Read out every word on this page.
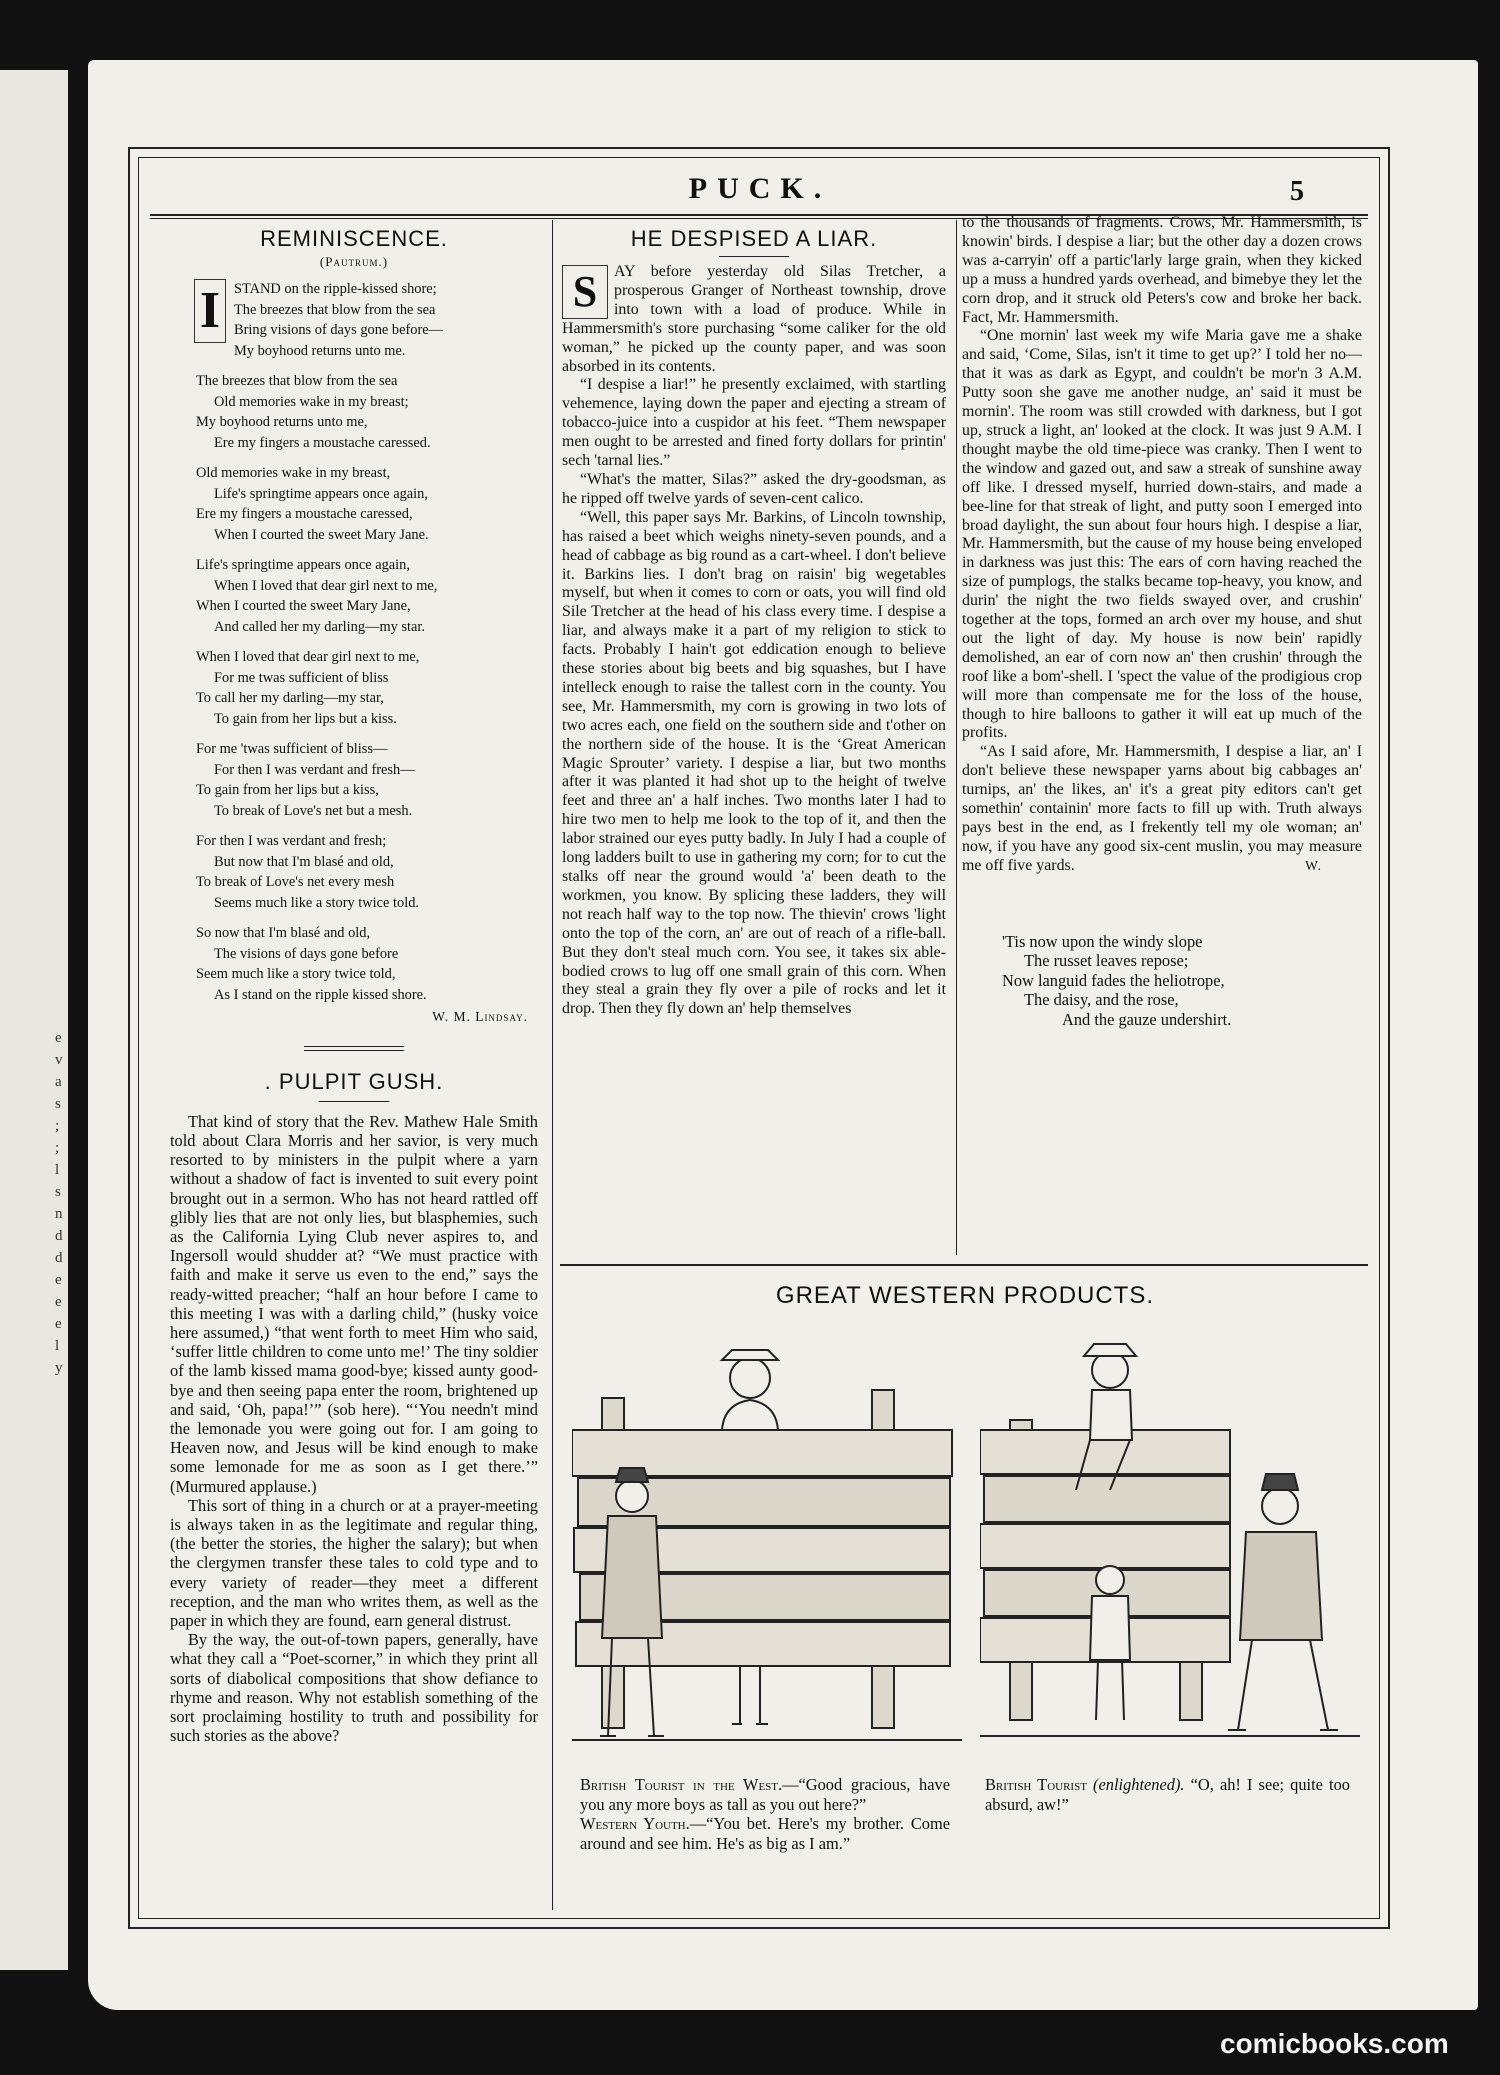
e
v
a
s
;
;
l
s
n
d
d
e
e
e
l
y
PUCK.	5
REMINISCENCE.
(Pautrum.)
I STAND on the ripple-kissed shore;
The breezes that blow from the sea
Bring visions of days gone before—
My boyhood returns unto me.
The breezes that blow from the sea
Old memories wake in my breast;
My boyhood returns unto me,
Ere my fingers a moustache caressed.
Old memories wake in my breast,
Life's springtime appears once again,
Ere my fingers a moustache caressed,
When I courted the sweet Mary Jane.
Life's springtime appears once again,
When I loved that dear girl next to me,
When I courted the sweet Mary Jane,
And called her my darling—my star.
When I loved that dear girl next to me,
For me twas sufficient of bliss
To call her my darling—my star,
To gain from her lips but a kiss.
For me 'twas sufficient of bliss—
For then I was verdant and fresh—
To gain from her lips but a kiss,
To break of Love's net but a mesh.
For then I was verdant and fresh;
But now that I'm blasé and old,
To break of Love's net every mesh
Seems much like a story twice told.
So now that I'm blasé and old,
The visions of days gone before
Seem much like a story twice told,
As I stand on the ripple kissed shore.
W. M. Lindsay.
. PULPIT GUSH.

That kind of story that the Rev. Mathew Hale Smith told about Clara Morris and her savior, is very much resorted to by ministers in the pulpit where a yarn without a shadow of fact is invented to suit every point brought out in a sermon. Who has not heard rattled off glibly lies that are not only lies, but blasphemies, such as the California Lying Club never aspires to, and Ingersoll would shudder at? “We must practice with faith and make it serve us even to the end,” says the ready-witted preacher; “half an hour before I came to this meeting I was with a darling child,” (husky voice here assumed,) “that went forth to meet Him who said, ‘suffer little children to come unto me!’ The tiny soldier of the lamb kissed mama good-bye; kissed aunty good-bye and then seeing papa enter the room, brightened up and said, ‘Oh, papa!’” (sob here). “‘You needn't mind the lemonade you were going out for. I am going to Heaven now, and Jesus will be kind enough to make some lemonade for me as soon as I get there.’” (Murmured applause.)

This sort of thing in a church or at a prayer-meeting is always taken in as the legitimate and regular thing, (the better the stories, the higher the salary); but when the clergymen transfer these tales to cold type and to every variety of reader—they meet a different reception, and the man who writes them, as well as the paper in which they are found, earn general distrust.

By the way, the out-of-town papers, generally, have what they call a “Poet-scorner,” in which they print all sorts of diabolical compositions that show defiance to rhyme and reason. Why not establish something of the sort proclaiming hostility to truth and possibility for such stories as the above?

HE DESPISED A LIAR.

S	AY before yesterday old Silas Tretcher, a prosperous Granger of Northeast township, drove into town with a load of produce. While in Hammersmith's store purchasing “some caliker for the old woman,” he picked up the county paper, and was soon absorbed in its contents.

“I despise a liar!” he presently exclaimed, with startling vehemence, laying down the paper and ejecting a stream of tobacco-juice into a cuspidor at his feet. “Them newspaper men ought to be arrested and fined forty dollars for printin' sech 'tarnal lies.”

“What's the matter, Silas?” asked the dry-goodsman, as he ripped off twelve yards of seven-cent calico.

“Well, this paper says Mr. Barkins, of Lincoln township, has raised a beet which weighs ninety-seven pounds, and a head of cabbage as big round as a cart-wheel. I don't believe it. Barkins lies. I don't brag on raisin' big wegetables myself, but when it comes to corn or oats, you will find old Sile Tretcher at the head of his class every time. I despise a liar, and always make it a part of my religion to stick to facts. Probably I hain't got eddication enough to believe these stories about big beets and big squashes, but I have intelleck enough to raise the tallest corn in the county. You see, Mr. Hammersmith, my corn is growing in two lots of two acres each, one field on the southern side and t'other on the northern side of the house. It is the ‘Great American Magic Sprouter’ variety. I despise a liar, but two months after it was planted it had shot up to the height of twelve feet and three an' a half inches. Two months later I had to hire two men to help me look to the top of it, and then the labor strained our eyes putty badly. In July I had a couple of long ladders built to use in gathering my corn; for to cut the stalks off near the ground would 'a' been death to the workmen, you know. By splicing these ladders, they will not reach half way to the top now. The thievin' crows 'light onto the top of the corn, an' are out of reach of a rifle-ball. But they don't steal much corn. You see, it takes six able-bodied crows to lug off one small grain of this corn. When they steal a grain they fly over a pile of rocks and let it drop. Then they fly down an' help themselves

to the thousands of fragments. Crows, Mr. Hammersmith, is knowin' birds. I despise a liar; but the other day a dozen crows was a-carryin' off a partic'larly large grain, when they kicked up a muss a hundred yards overhead, and bimebye they let the corn drop, and it struck old Peters's cow and broke her back. Fact, Mr. Hammersmith.

“One mornin' last week my wife Maria gave me a shake and said, ‘Come, Silas, isn't it time to get up?’ I told her no—that it was as dark as Egypt, and couldn't be mor'n 3 A.M. Putty soon she gave me another nudge, an' said it must be mornin'. The room was still crowded with darkness, but I got up, struck a light, an' looked at the clock. It was just 9 A.M. I thought maybe the old time-piece was cranky. Then I went to the window and gazed out, and saw a streak of sunshine away off like. I dressed myself, hurried down-stairs, and made a bee-line for that streak of light, and putty soon I emerged into broad daylight, the sun about four hours high. I despise a liar, Mr. Hammersmith, but the cause of my house being enveloped in darkness was just this: The ears of corn having reached the size of pumplogs, the stalks became top-heavy, you know, and durin' the night the two fields swayed over, and crushin' together at the tops, formed an arch over my house, and shut out the light of day. My house is now bein' rapidly demolished, an ear of corn now an' then crushin' through the roof like a bom'-shell. I 'spect the value of the prodigious crop will more than compensate me for the loss of the house, though to hire balloons to gather it will eat up much of the profits.

“As I said afore, Mr. Hammersmith, I despise a liar, an' I don't believe these newspaper yarns about big cabbages an' turnips, an' the likes, an' it's a great pity editors can't get somethin' containin' more facts to fill up with. Truth always pays best in the end, as I frekently tell my ole woman; an' now, if you have any good six-cent muslin, you may measure me off five yards.	W.
'Tis now upon the windy slope
The russet leaves repose;
Now languid fades the heliotrope,
The daisy, and the rose,
And the gauze undershirt.
GREAT WESTERN PRODUCTS.

British Tourist in the West.—“Good gracious, have you any more boys as tall as you out here?”

Western Youth.—“You bet. Here's my brother. Come around and see him. He's as big as I am.”

British Tourist (enlightened). “O, ah! I see; quite too absurd, aw!”

comicbooks.com
